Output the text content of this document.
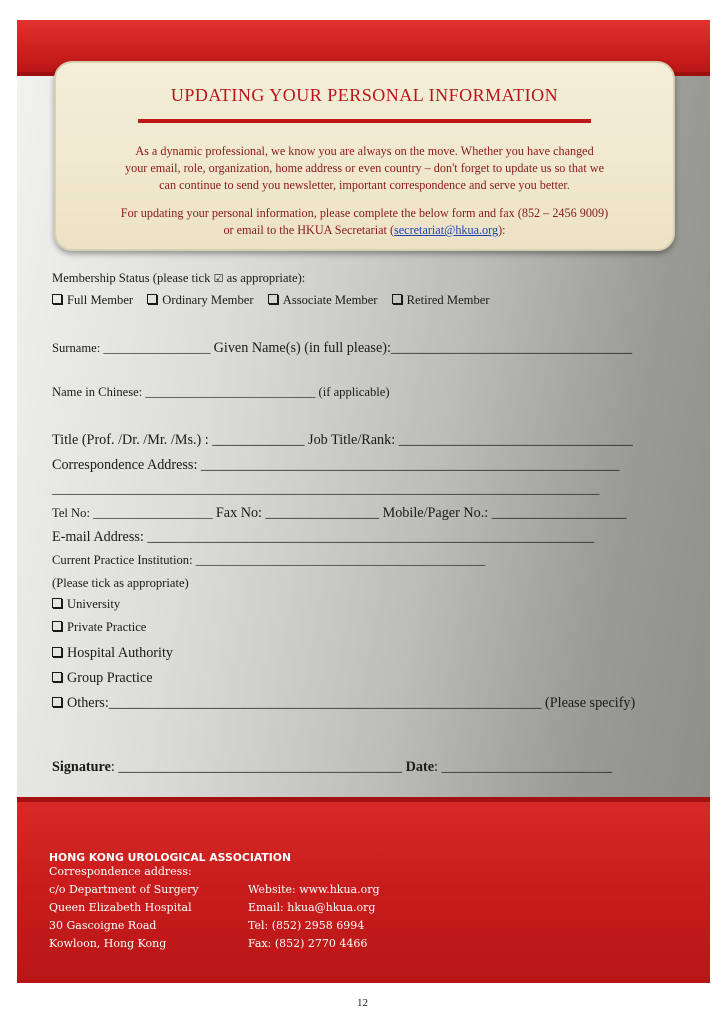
UPDATING YOUR PERSONAL INFORMATION
As a dynamic professional, we know you are always on the move. Whether you have changed
your email, role, organization, home address or even country – don't forget to update us so that we
can continue to send you newsletter, important correspondence and serve you better.
For updating your personal information, please complete the below form and fax (852 – 2456 9009)
or email to the HKUA Secretariat (secretariat@hkua.org):
Membership Status (please tick ☑ as appropriate):
Full Member Ordinary Member Associate Member Retired Member
Surname: _________________ Given Name(s) (in full please):__________________________________
Name in Chinese: ___________________________ (if applicable)
Title (Prof. /Dr. /Mr. /Ms.) : _____________ Job Title/Rank: _________________________________
Correspondence Address: ___________________________________________________________
___________________________________________________________________________________
Tel No: ___________________ Fax No: ________________ Mobile/Pager No.: ___________________
E-mail Address: _______________________________________________________________
Current Practice Institution: ______________________________________________
(Please tick as appropriate)
University
Private Practice
Hospital Authority
Group Practice
Others:_____________________________________________________________ (Please specify)
Signature: ________________________________________ Date: ________________________
HONG KONG UROLOGICAL ASSOCIATION
Correspondence address:
c/o Department of Surgery
Queen Elizabeth Hospital
30 Gascoigne Road
Kowloon, Hong Kong
Website: www.hkua.org
Email: hkua@hkua.org
Tel: (852) 2958 6994
Fax: (852) 2770 4466
12
